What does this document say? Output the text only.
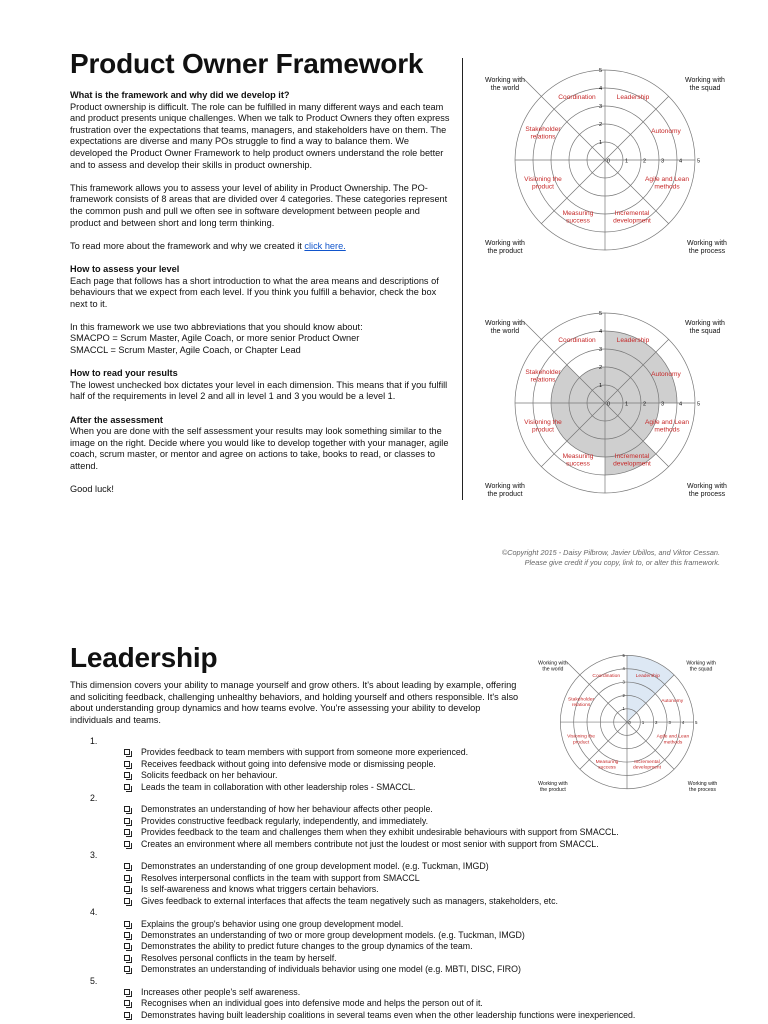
Product Owner Framework

What is the framework and why did we develop it?

Product ownership is difficult. The role can be fulfilled in many different ways and each team and product presents unique challenges. When we talk to Product Owners they often express frustration over the expectations that teams, managers, and stakeholders have on them. The expectations are diverse and many POs struggle to find a way to balance them. We developed the Product Owner Framework to help product owners understand the role better and to assess and develop their skills in product ownership.

This framework allows you to assess your level of ability in Product Ownership. The PO-framework consists of 8 areas that are divided over 4 categories. These categories represent the common push and pull we often see in software development between people and product and between short and long term thinking.

To read more about the framework and why we created it click here.

How to assess your level

Each page that follows has a short introduction to what the area means and descriptions of behaviours that we expect from each level. If you think you fulfill a behavior, check the box next to it.

In this framework we use two abbreviations that you should know about:

SMACPO = Scrum Master, Agile Coach, or more senior Product Owner

SMACCL = Scrum Master, Agile Coach, or Chapter Lead

How to read your results

The lowest unchecked box dictates your level in each dimension. This means that if you fulfill half of the requirements in level 2 and all in level 1 and 3 you would be a level 1.

After the assessment

When you are done with the self assessment your results may look something similar to the image on the right. Decide where you would like to develop together with your manager, agile coach, scrum master, or mentor and agree on actions to take, books to read, or classes to attend.

Good luck!

0	1
1
2
2
3
3
4
4
5
5
Coordination	Leadership
Autonomy
Agile and Lean methods
Incremental development
Measuring success
Visioning the product
Stakeholder relations
Working with the world
Working with the squad
Working with the product
Working with the process
0	1
1
2
2
3
3
4
4
5
5
Coordination	Leadership
Autonomy
Agile and Lean methods
Incremental development
Measuring success
Visioning the product
Stakeholder relations
Working with the world
Working with the squad
Working with the product
Working with the process
0	1
1
2
2
3
3
4
4
5
5
Coordination	Leadership
Autonomy
Agile and Lean methods
Incremental development
Measuring success
Visioning the product
Stakeholder relations
Working with the world
Working with the squad
Working with the product
Working with the process
©Copyright 2015 - Daisy Pilbrow, Javier Ubillos, and Viktor Cessan.
Please give credit if you copy, link to, or alter this framework.
Leadership
This dimension covers your ability to manage yourself and grow others. It's about leading by example, offering and soliciting feedback, challenging unhealthy behaviors, and holding yourself and others responsible. It's also about understanding group dynamics and how teams evolve. You're assessing your ability to develop individuals and teams.
1.
Provides feedback to team members with support from someone more experienced.
Receives feedback without going into defensive mode or dismissing people.
Solicits feedback on her behaviour.
Leads the team in collaboration with other leadership roles - SMACCL.
2.
Demonstrates an understanding of how her behaviour affects other people.
Provides constructive feedback regularly, independently, and immediately.
Provides feedback to the team and challenges them when they exhibit undesirable behaviours with support from SMACCL.
Creates an environment where all members contribute not just the loudest or most senior with support from SMACCL.
3.
Demonstrates an understanding of one group development model. (e.g. Tuckman, IMGD)
Resolves interpersonal conflicts in the team with support from SMACCL
Is self-awareness and knows what triggers certain behaviors.
Gives feedback to external interfaces that affects the team negatively such as managers, stakeholders, etc.
4.
Explains the group's behavior using one group development model.
Demonstrates an understanding of two or more group development models. (e.g. Tuckman, IMGD)
Demonstrates the ability to predict future changes to the group dynamics of the team.
Resolves personal conflicts in the team by herself.
Demonstrates an understanding of individuals behavior using one model (e.g. MBTI, DISC, FIRO)
5.
Increases other people's self awareness.
Recognises when an individual goes into defensive mode and helps the person out of it.
Demonstrates having built leadership coalitions in several teams even when the other leadership functions were inexperienced.
